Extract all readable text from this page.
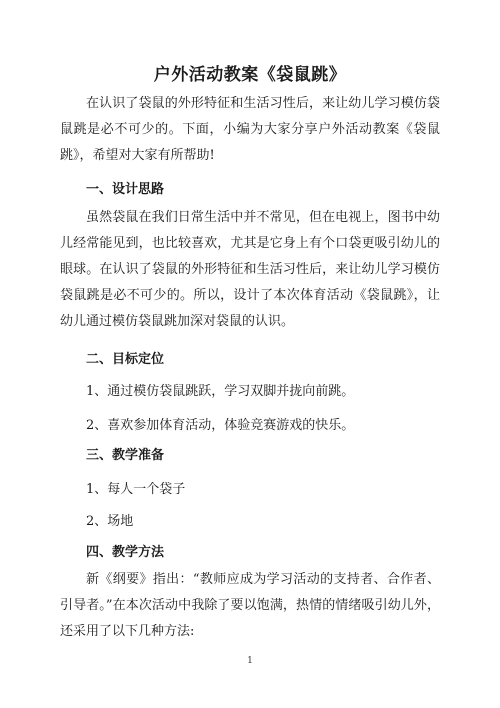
户外活动教案《袋鼠跳》

在认识了袋鼠的外形特征和生活习性后，来让幼儿学习模仿袋鼠跳是必不可少的。下面，小编为大家分享户外活动教案《袋鼠跳》，希望对大家有所帮助!

一、设计思路

虽然袋鼠在我们日常生活中并不常见，但在电视上，图书中幼儿经常能见到，也比较喜欢，尤其是它身上有个口袋更吸引幼儿的眼球。在认识了袋鼠的外形特征和生活习性后，来让幼儿学习模仿袋鼠跳是必不可少的。所以，设计了本次体育活动《袋鼠跳》，让幼儿通过模仿袋鼠跳加深对袋鼠的认识。

二、目标定位

1、通过模仿袋鼠跳跃，学习双脚并拢向前跳。

2、喜欢参加体育活动，体验竞赛游戏的快乐。

三、教学准备

1、每人一个袋子

2、场地

四、教学方法

新《纲要》指出：“教师应成为学习活动的支持者、合作者、引导者。”在本次活动中我除了要以饱满，热情的情绪吸引幼儿外，还采用了以下几种方法:

1
